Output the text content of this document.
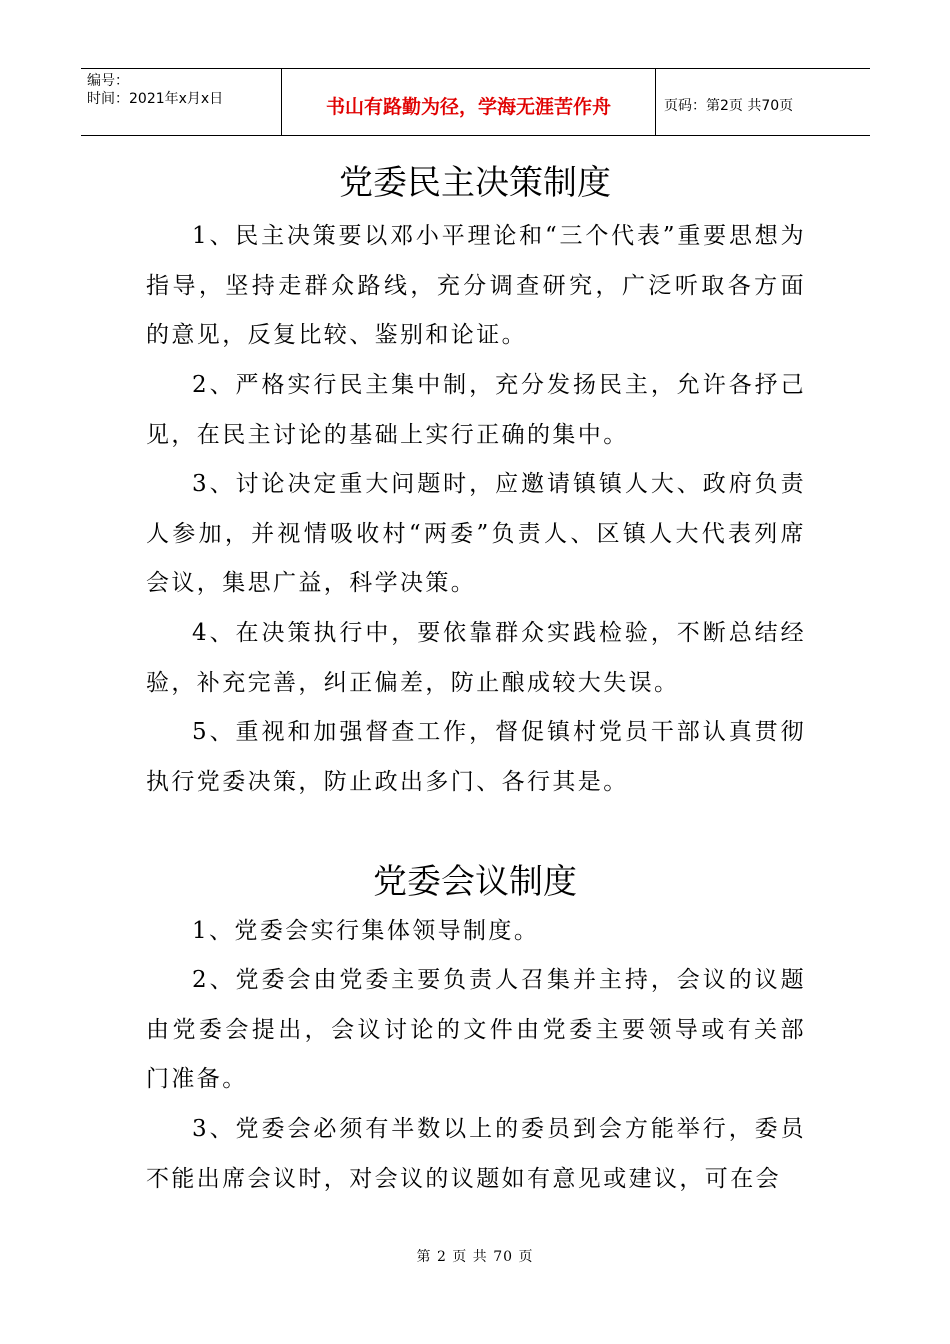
编号：
时间：2021年x月x日	书山有路勤为径，学海无涯苦作舟	页码：第2页 共70页
党委民主决策制度

1、民主决策要以邓小平理论和“三个代表”重要思想为指导，坚持走群众路线，充分调查研究，广泛听取各方面的意见，反复比较、鉴别和论证。

2、严格实行民主集中制，充分发扬民主，允许各抒己见，在民主讨论的基础上实行正确的集中。

3、讨论决定重大问题时，应邀请镇镇人大、政府负责人参加，并视情吸收村“两委”负责人、区镇人大代表列席会议，集思广益，科学决策。

4、在决策执行中，要依靠群众实践检验，不断总结经验，补充完善，纠正偏差，防止酿成较大失误。

5、重视和加强督查工作，督促镇村党员干部认真贯彻执行党委决策，防止政出多门、各行其是。

党委会议制度

1、党委会实行集体领导制度。

2、党委会由党委主要负责人召集并主持，会议的议题由党委会提出，会议讨论的文件由党委主要领导或有关部门准备。

3、党委会必须有半数以上的委员到会方能举行，委员不能出席会议时，对会议的议题如有意见或建议，可在会

第 2 页 共 70 页
